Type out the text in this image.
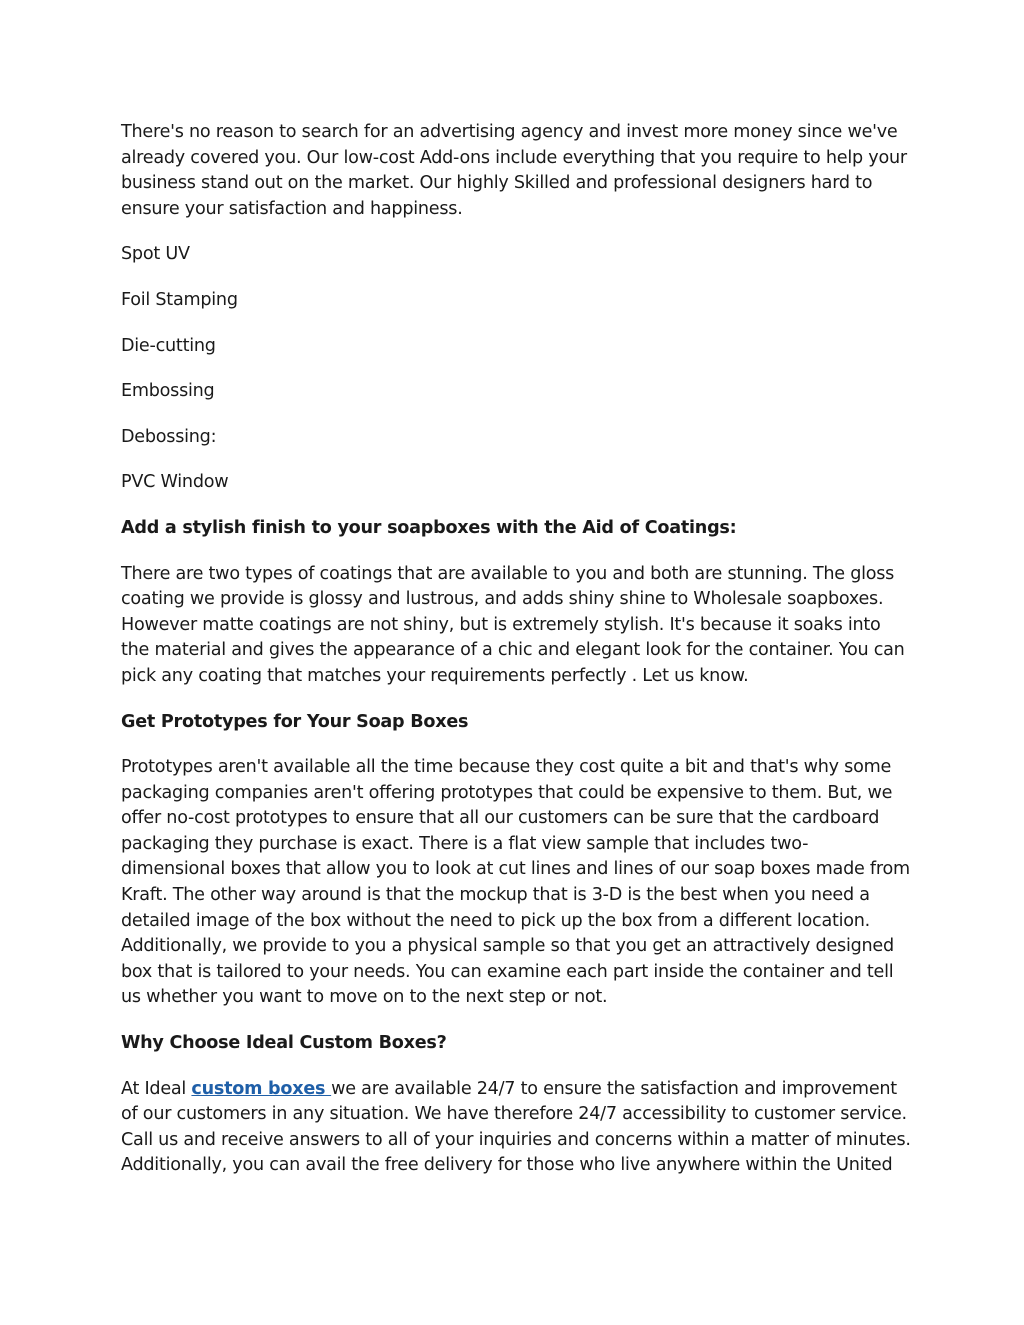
There's no reason to search for an advertising agency and invest more money since we've already covered you. Our low-cost Add-ons include everything that you require to help your business stand out on the market. Our highly Skilled and professional designers hard to ensure your satisfaction and happiness.

Spot UV

Foil Stamping

Die-cutting

Embossing

Debossing:

PVC Window

Add a stylish finish to your soapboxes with the Aid of Coatings:

There are two types of coatings that are available to you and both are stunning. The gloss coating we provide is glossy and lustrous, and adds shiny shine to Wholesale soapboxes. However matte coatings are not shiny, but is extremely stylish. It's because it soaks into the material and gives the appearance of a chic and elegant look for the container. You can pick any coating that matches your requirements perfectly . Let us know.

Get Prototypes for Your Soap Boxes

Prototypes aren't available all the time because they cost quite a bit and that's why some packaging companies aren't offering prototypes that could be expensive to them. But, we offer no-cost prototypes to ensure that all our customers can be sure that the cardboard packaging they purchase is exact. There is a flat view sample that includes two-dimensional boxes that allow you to look at cut lines and lines of our soap boxes made from Kraft. The other way around is that the mockup that is 3-D is the best when you need a detailed image of the box without the need to pick up the box from a different location. Additionally, we provide to you a physical sample so that you get an attractively designed box that is tailored to your needs. You can examine each part inside the container and tell us whether you want to move on to the next step or not.

Why Choose Ideal Custom Boxes?

At Ideal custom boxes we are available 24/7 to ensure the satisfaction and improvement of our customers in any situation. We have therefore 24/7 accessibility to customer service. Call us and receive answers to all of your inquiries and concerns within a matter of minutes. Additionally, you can avail the free delivery for those who live anywhere within the United
